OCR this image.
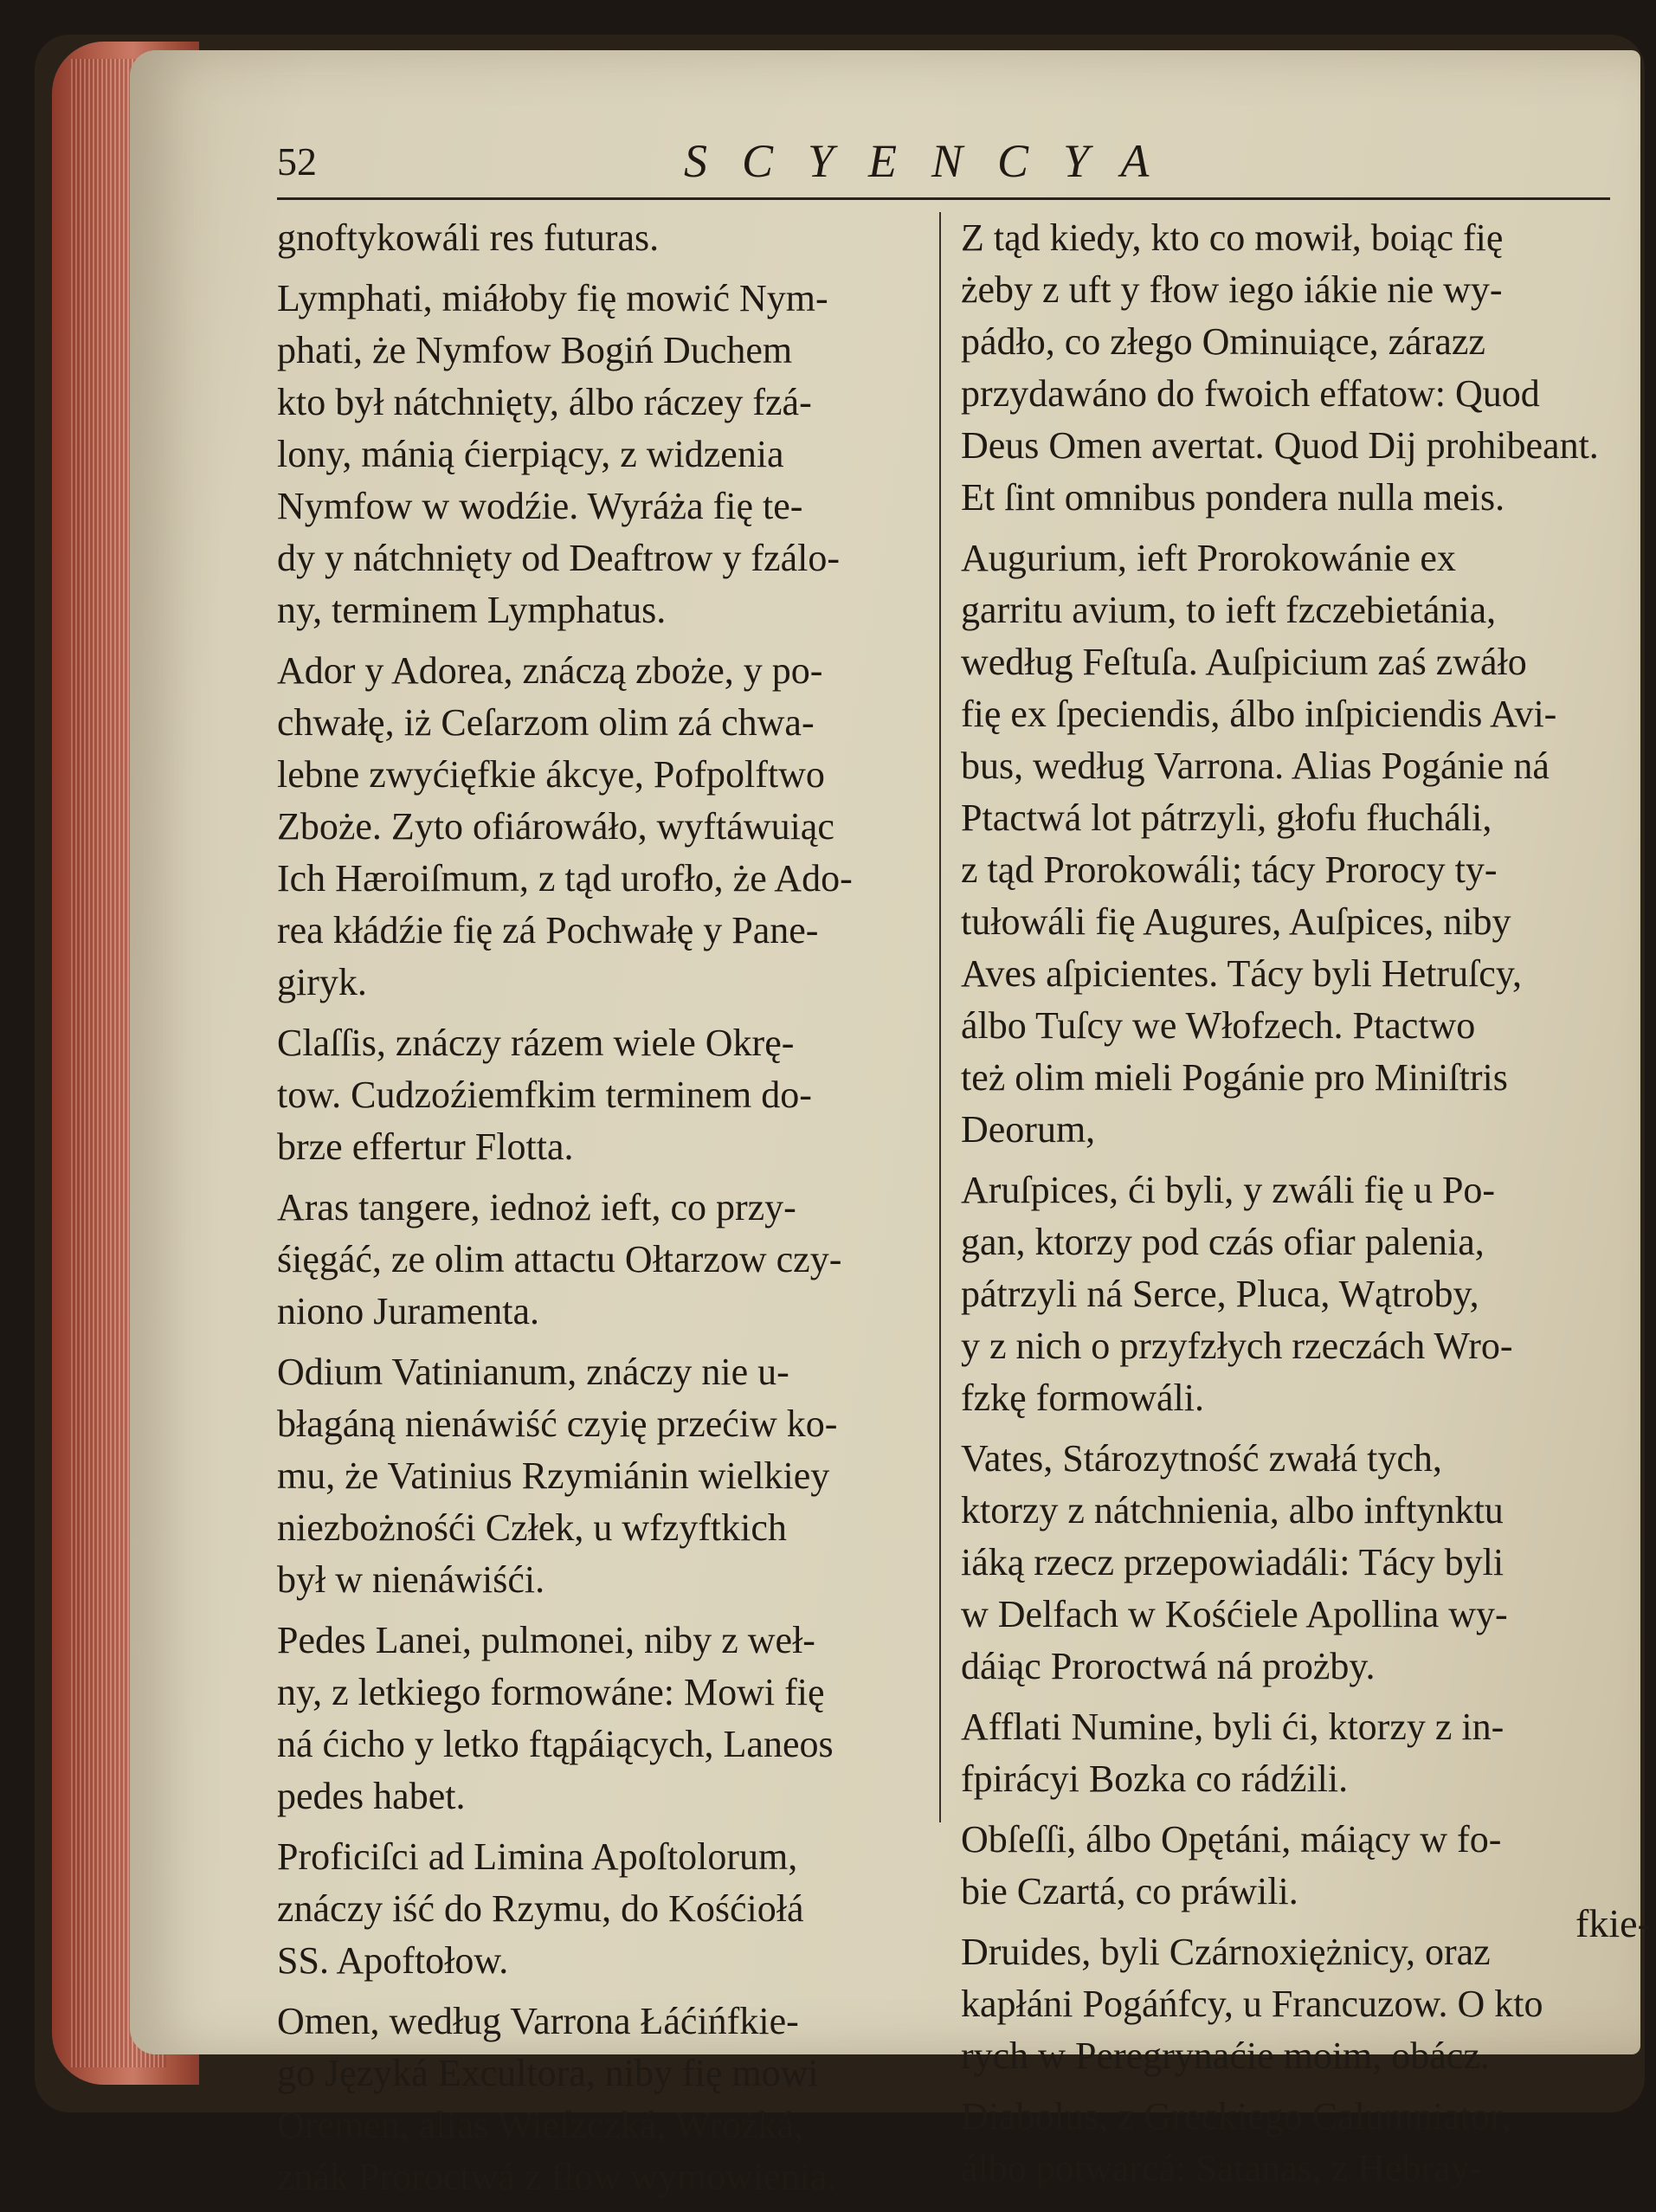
52	SCYENCYA
gnoftykowáli res futuras.
Lymphati, miáłoby fię mowić Nym-
phati, że Nymfow Bogiń Duchem
kto był nátchnięty, álbo ráczey fzá-
lony, mánią ćierpiący, z widzenia
Nymfow w wodźie. Wyráża fię te-
dy y nátchnięty od Deaftrow y fzálo-
ny, terminem Lymphatus.
Ador y Adorea, znáczą zboże, y po-
chwałę, iż Ceſarzom olim zá chwa-
lebne zwyćięfkie ákcye, Pofpolftwo
Zboże. Zyto ofiárowáło, wyftáwuiąc
Ich Hæroiſmum, z tąd urofło, że Ado-
rea kłádźie fię zá Pochwałę y Pane-
giryk.
Claſſis, znáczy rázem wiele Okrę-
tow. Cudzoźiemfkim terminem do-
brze effertur Flotta.
Aras tangere, iednoż ieft, co przy-
śięgáć, ze olim attactu Ołtarzow czy-
niono Juramenta.
Odium Vatinianum, znáczy nie u-
błagáną nienáwiść czyię przećiw ko-
mu, że Vatinius Rzymiánin wielkiey
niezbożnośći Człek, u wfzyftkich
był w nienáwiśći.
Pedes Lanei, pulmonei, niby z weł-
ny, z letkiego formowáne: Mowi fię
ná ćicho y letko ftąpáiących, Laneos
pedes habet.
Proficiſci ad Limina Apoſtolorum,
znáczy iść do Rzymu, do Kośćiołá
SS. Apoftołow.
Omen, według Varrona Łáćińfkie-
go Języká Excultora, niby fię mowi
Oremen, alias Wieſzczká, Wrożká,
znák Proroctwá z fłow wymowienia.
Z tąd kiedy, kto co mowił, boiąc fię
żeby z uft y fłow iego iákie nie wy-
pádło, co złego Ominuiące, zárazz
przydawáno do fwoich effatow: Quod
Deus Omen avertat. Quod Dij prohibeant.
Et ſint omnibus pondera nulla meis.
Augurium, ieft Prorokowánie ex
garritu avium, to ieft fzczebietánia,
według Feſtuſa. Auſpicium zaś zwáło
fię ex ſpeciendis, álbo inſpiciendis Avi-
bus, według Varrona. Alias Pogánie ná
Ptactwá lot pátrzyli, głofu fłucháli,
z tąd Prorokowáli; tácy Prorocy ty-
tułowáli fię Augures, Auſpices, niby
Aves aſpicientes. Tácy byli Hetruſcy,
álbo Tuſcy we Włofzech. Ptactwo
też olim mieli Pogánie pro Miniſtris
Deorum,
Aruſpices, ći byli, y zwáli fię u Po-
gan, ktorzy pod czás ofiar palenia,
pátrzyli ná Serce, Pluca, Wątroby,
y z nich o przyfzłych rzeczách Wro-
fzkę formowáli.
Vates, Stározytność zwałá tych,
ktorzy z nátchnienia, albo inftynktu
iáką rzecz przepowiadáli: Tácy byli
w Delfach w Kośćiele Apollina wy-
dáiąc Proroctwá ná prożby.
Afflati Numine, byli ći, ktorzy z in-
fpirácyi Bozka co rádźili.
Obſeſſi, álbo Opętáni, máiący w fo-
bie Czartá, co práwili.
Druides, byli Czárnoxiężnicy, oraz
kapłáni Pogáńfcy, u Francuzow. O kto
rych w Peregrynaćie moim, obácz.
Diabolus, z Greckiego Calumniator,
álbo potwarcá: Satanas, z Hebray-
fkie-
